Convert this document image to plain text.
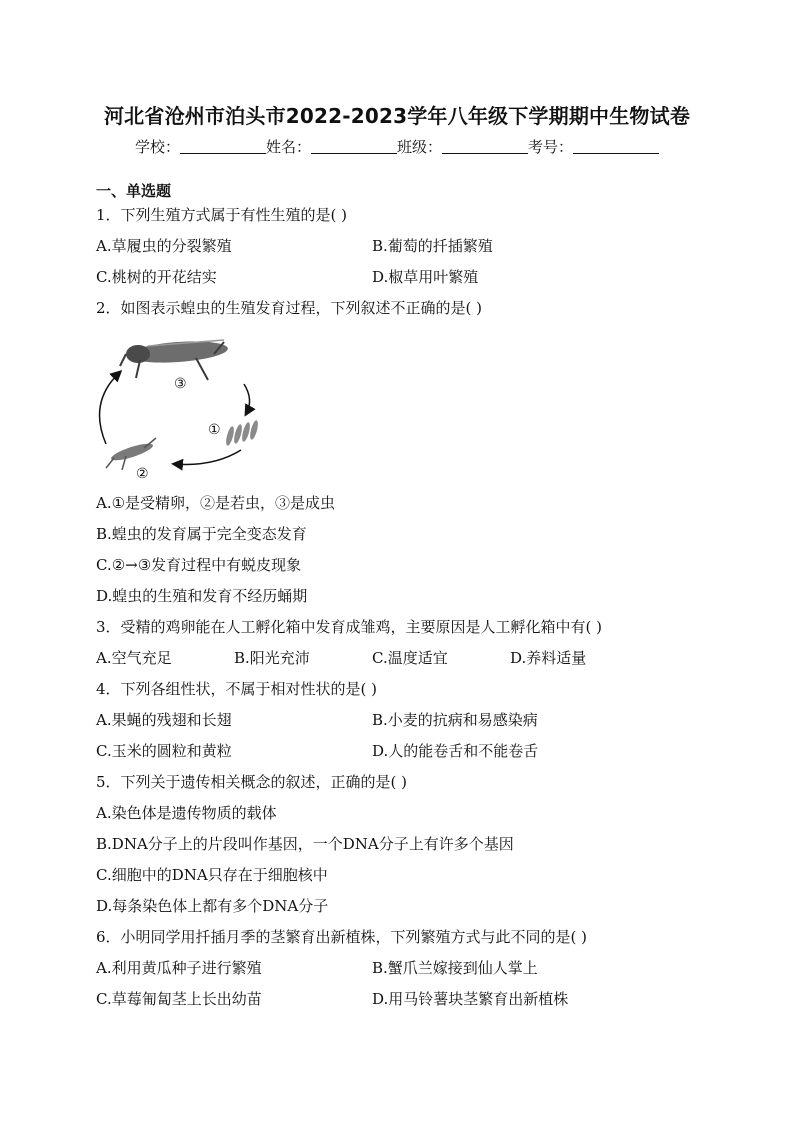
河北省沧州市泊头市2022-2023学年八年级下学期期中生物试卷
学校：	姓名：	班级：	考号：
一、单选题
1．下列生殖方式属于有性生殖的是( )
A.草履虫的分裂繁殖	B.葡萄的扦插繁殖
C.桃树的开花结实	D.椒草用叶繁殖
2．如图表示蝗虫的生殖发育过程，下列叙述不正确的是( )
③
①
②
A.①是受精卵，②是若虫，③是成虫
B.蝗虫的发育属于完全变态发育
C.②→③发育过程中有蜕皮现象
D.蝗虫的生殖和发育不经历蛹期
3．受精的鸡卵能在人工孵化箱中发育成雏鸡，主要原因是人工孵化箱中有( )
A.空气充足	B.阳光充沛	C.温度适宜	D.养料适量
4．下列各组性状，不属于相对性状的是( )
A.果蝇的残翅和长翅	B.小麦的抗病和易感染病
C.玉米的圆粒和黄粒	D.人的能卷舌和不能卷舌
5．下列关于遗传相关概念的叙述，正确的是( )
A.染色体是遗传物质的载体
B.DNA分子上的片段叫作基因，一个DNA分子上有许多个基因
C.细胞中的DNA只存在于细胞核中
D.每条染色体上都有多个DNA分子
6．小明同学用扦插月季的茎繁育出新植株，下列繁殖方式与此不同的是( )
A.利用黄瓜种子进行繁殖	B.蟹爪兰嫁接到仙人掌上
C.草莓匍匐茎上长出幼苗	D.用马铃薯块茎繁育出新植株
